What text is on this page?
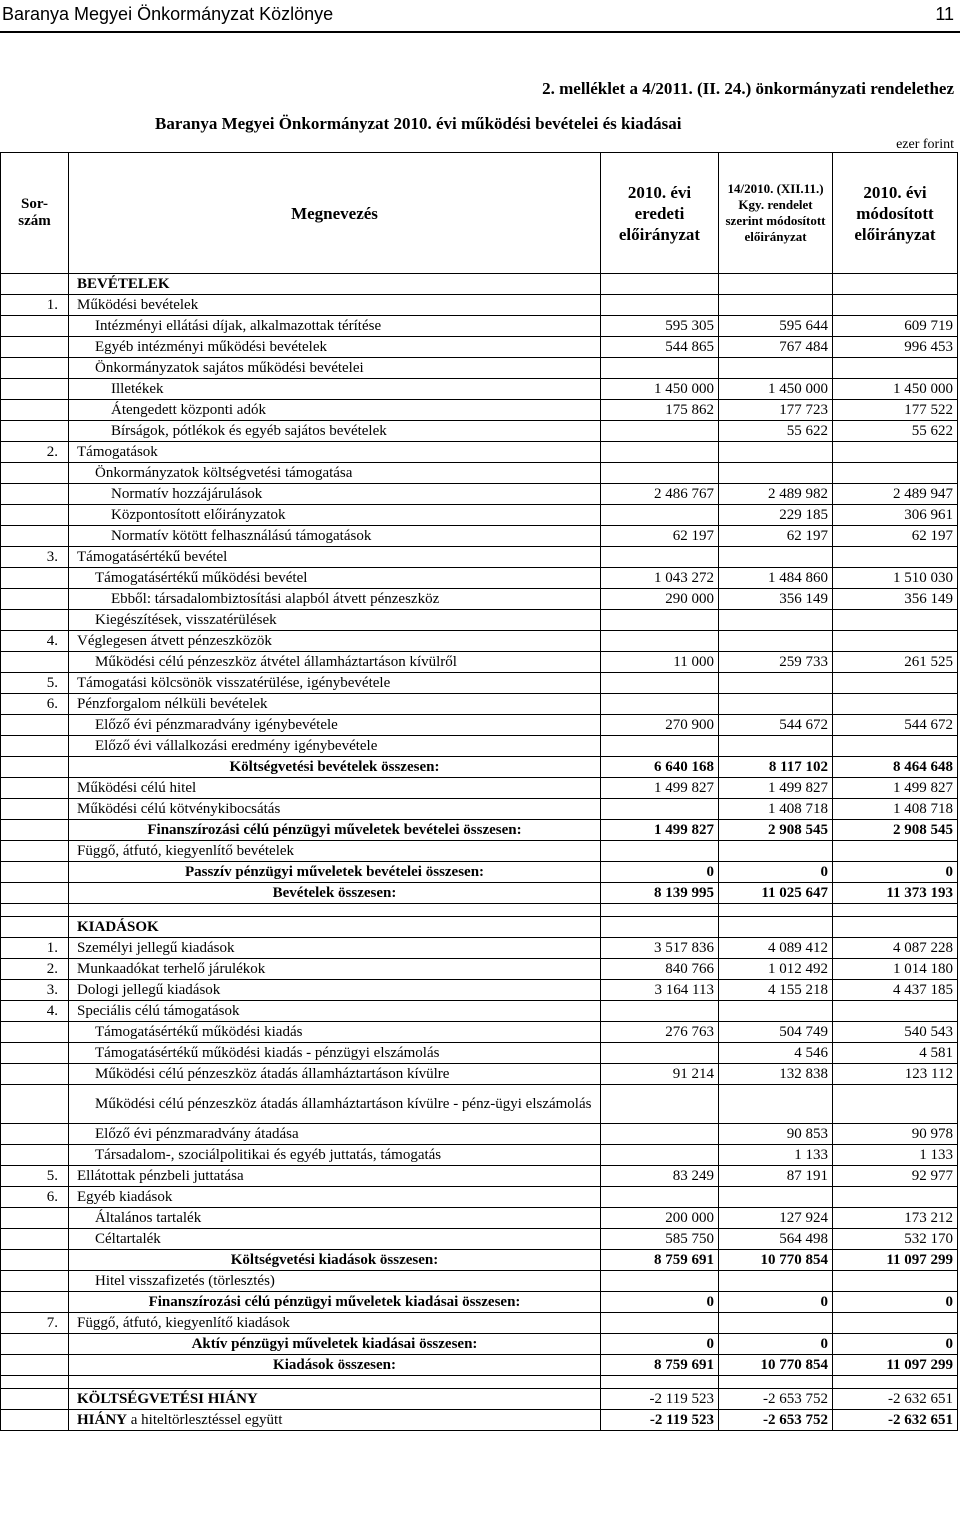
Baranya Megyei Önkormányzat Közlönye	11
2. melléklet a 4/2011. (II. 24.) önkormányzati rendelethez
Baranya Megyei Önkormányzat 2010. évi működési bevételei és kiadásai
ezer forint
Sor-szám	Megnevezés	2010. évi eredeti előirányzat	14/2010. (XII.11.) Kgy. rendelet szerint módosított előirányzat	2010. évi módosított előirányzat
	BEVÉTELEK			
1.	Működési bevételek			
	Intézményi ellátási díjak, alkalmazottak térítése	595 305	595 644	609 719
	Egyéb intézményi működési bevételek	544 865	767 484	996 453
	Önkormányzatok sajátos működési bevételei			
	Illetékek	1 450 000	1 450 000	1 450 000
	Átengedett központi adók	175 862	177 723	177 522
	Bírságok, pótlékok és egyéb sajátos bevételek		55 622	55 622
2.	Támogatások			
	Önkormányzatok költségvetési támogatása			
	Normatív hozzájárulások	2 486 767	2 489 982	2 489 947
	Központosított előirányzatok		229 185	306 961
	Normatív kötött felhasználású támogatások	62 197	62 197	62 197
3.	Támogatásértékű bevétel			
	Támogatásértékű működési bevétel	1 043 272	1 484 860	1 510 030
	Ebből: társadalombiztosítási alapból átvett pénzeszköz	290 000	356 149	356 149
	Kiegészítések, visszatérülések			
4.	Véglegesen átvett pénzeszközök			
	Működési célú pénzeszköz átvétel államháztartáson kívülről	11 000	259 733	261 525
5.	Támogatási kölcsönök visszatérülése, igénybevétele			
6.	Pénzforgalom nélküli bevételek			
	Előző évi pénzmaradvány igénybevétele	270 900	544 672	544 672
	Előző évi vállalkozási eredmény igénybevétele			
	Költségvetési bevételek összesen:	6 640 168	8 117 102	8 464 648
	Működési célú hitel	1 499 827	1 499 827	1 499 827
	Működési célú kötvénykibocsátás		1 408 718	1 408 718
	Finanszírozási célú pénzügyi műveletek bevételei összesen:	1 499 827	2 908 545	2 908 545
	Függő, átfutó, kiegyenlítő bevételek			
	Passzív pénzügyi műveletek bevételei összesen:	0	0	0
	Bevételek összesen:	8 139 995	11 025 647	11 373 193

	KIADÁSOK			
1.	Személyi jellegű kiadások	3 517 836	4 089 412	4 087 228
2.	Munkaadókat terhelő járulékok	840 766	1 012 492	1 014 180
3.	Dologi jellegű kiadások	3 164 113	4 155 218	4 437 185
4.	Speciális célú támogatások			
	Támogatásértékű működési kiadás	276 763	504 749	540 543
	Támogatásértékű működési kiadás - pénzügyi elszámolás		4 546	4 581
	Működési célú pénzeszköz átadás államháztartáson kívülre	91 214	132 838	123 112
	Működési célú pénzeszköz átadás államháztartáson kívülre - pénz-ügyi elszámolás			
	Előző évi pénzmaradvány átadása		90 853	90 978
	Társadalom-, szociálpolitikai és egyéb juttatás, támogatás		1 133	1 133
5.	Ellátottak pénzbeli juttatása	83 249	87 191	92 977
6.	Egyéb kiadások			
	Általános tartalék	200 000	127 924	173 212
	Céltartalék	585 750	564 498	532 170
	Költségvetési kiadások összesen:	8 759 691	10 770 854	11 097 299
	Hitel visszafizetés (törlesztés)			
	Finanszírozási célú pénzügyi műveletek kiadásai összesen:	0	0	0
7.	Függő, átfutó, kiegyenlítő kiadások			
	Aktív pénzügyi műveletek kiadásai összesen:	0	0	0
	Kiadások összesen:	8 759 691	10 770 854	11 097 299

	KÖLTSÉGVETÉSI HIÁNY	-2 119 523	-2 653 752	-2 632 651
	HIÁNY a hiteltörlesztéssel együtt	-2 119 523	-2 653 752	-2 632 651
